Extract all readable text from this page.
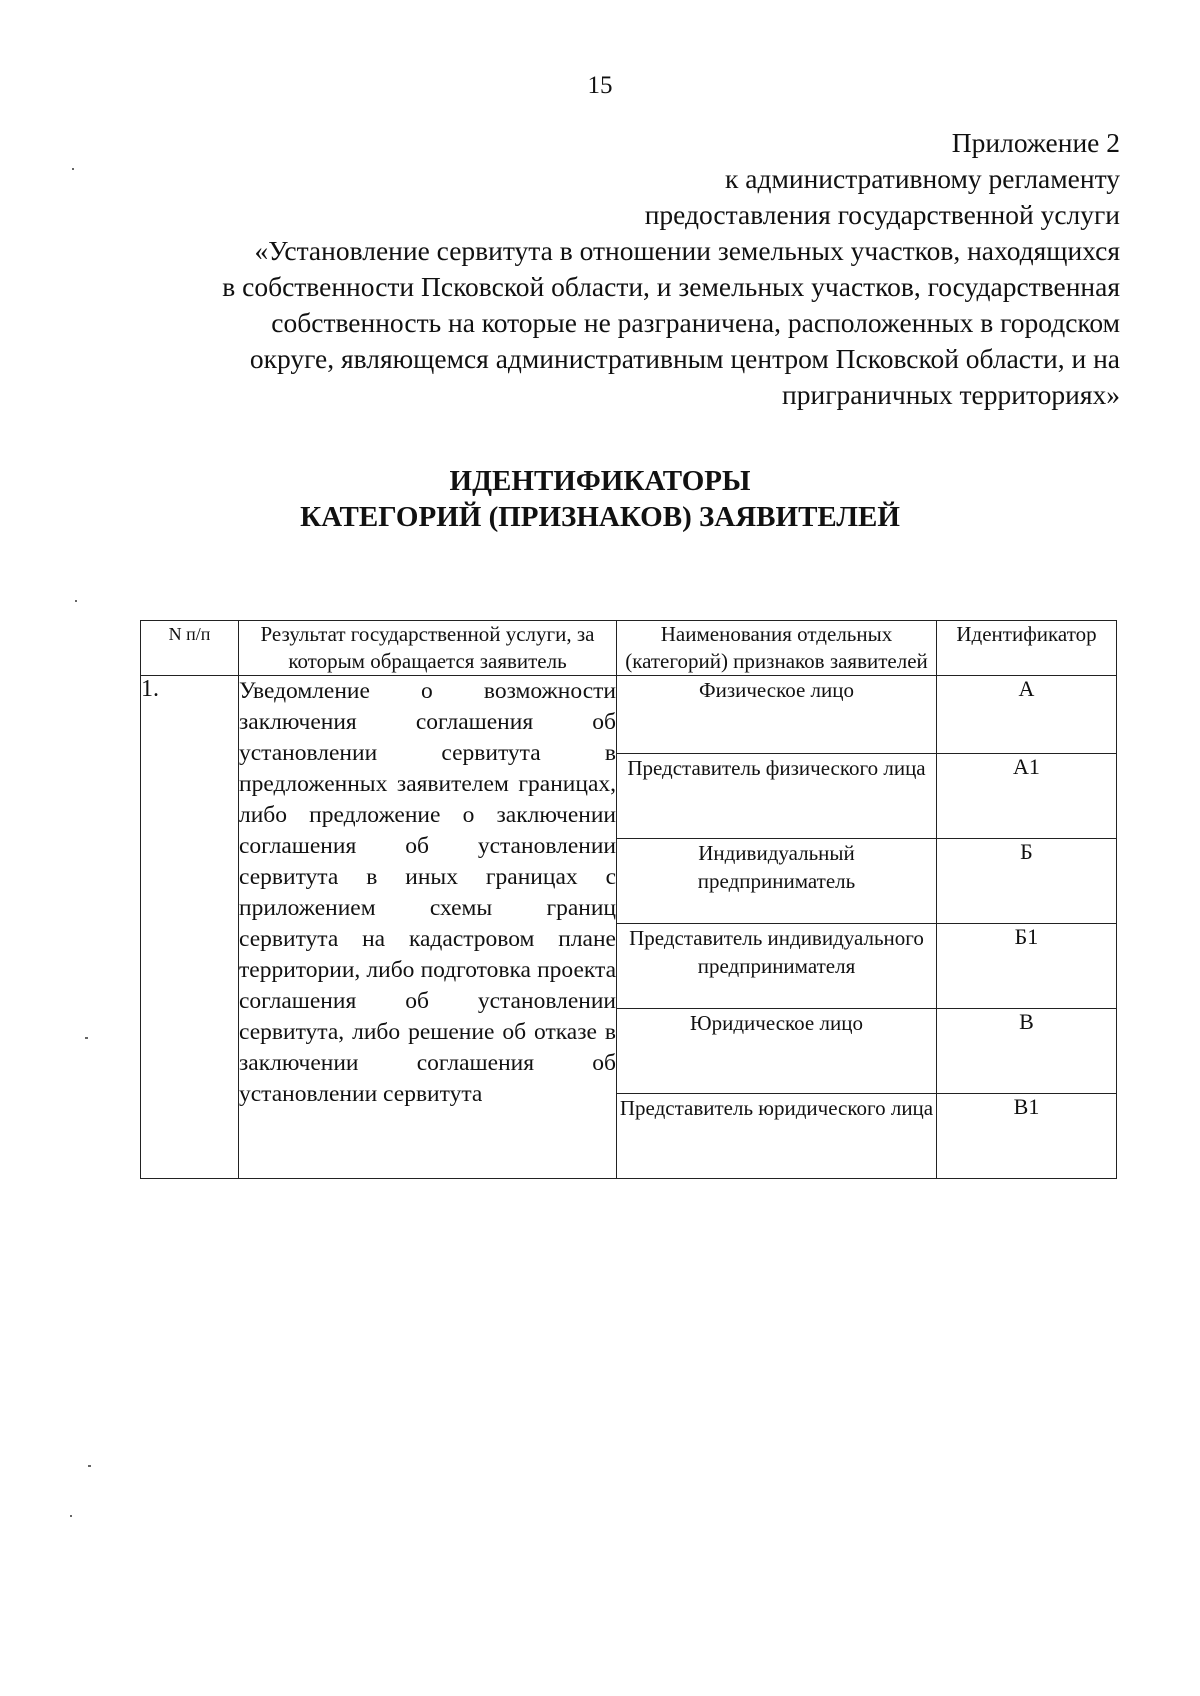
15
Приложение 2
к административному регламенту
предоставления государственной услуги
«Установление сервитута в отношении земельных участков, находящихся
в собственности Псковской области, и земельных участков, государственная
собственность на которые не разграничена, расположенных в городском
округе, являющемся административным центром Псковской области, и на
приграничных территориях»
ИДЕНТИФИКАТОРЫ
КАТЕГОРИЙ (ПРИЗНАКОВ) ЗАЯВИТЕЛЕЙ
N п/п	Результат государственной услуги, за которым обращается заявитель	Наименования отдельных (категорий) признаков заявителей	Идентификатор
1.	Уведомление о возможности заключения соглашения об установлении сервитута в предложенных заявителем границах, либо предложение о заключении соглашения об установлении сервитута в иных границах с приложением схемы границ сервитута на кадастровом плане территории, либо подготовка проекта соглашения об установлении сервитута, либо решение об отказе в заключении соглашения об установлении сервитута	Физическое лицо	А
		Представитель физического лица	А1
		Индивидуальный предприниматель	Б
		Представитель индивидуального предпринимателя	Б1
		Юридическое лицо	В
		Представитель юридического лица	В1
